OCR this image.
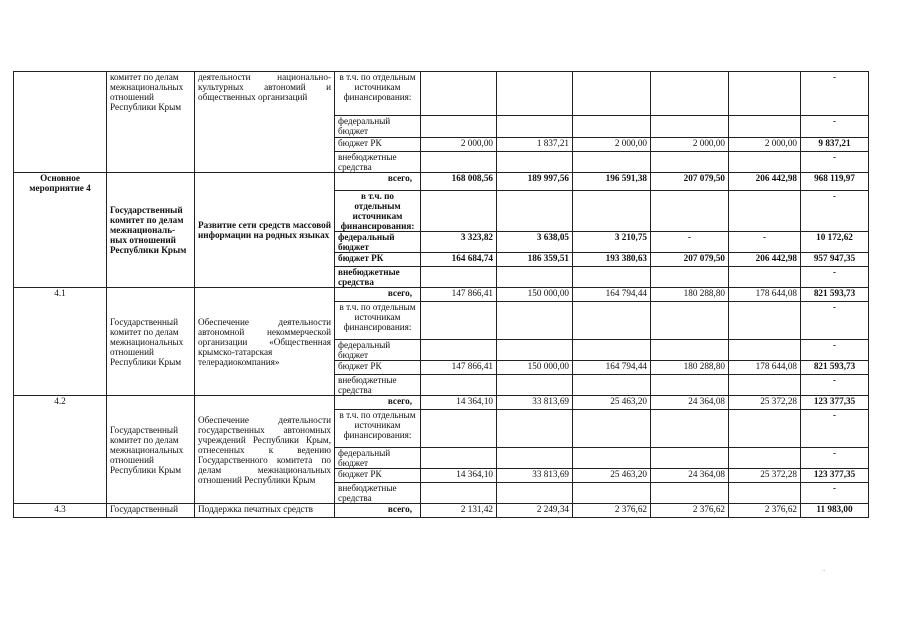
	комитет по делам межнациональных отношений Республики Крым	деятельности национально-культурных автономий и общественных организаций	в т.ч. по отдельным источникам финансирования:						-
			федеральный бюджет						-
			бюджет РК	2 000,00	1 837,21	2 000,00	2 000,00	2 000,00	9 837,21
			внебюджетные средства						-
Основное мероприятие 4	Государственный комитет по делам межнациональ-ных отношений Республики Крым	Развитие сети средств массовой информации на родных языках	всего,	168 008,56	189 997,56	196 591,38	207 079,50	206 442,98	968 119,97
			в т.ч. по отдельным источникам финансирования:						-
			федеральный бюджет	3 323,82	3 638,05	3 210,75	-	-	10 172,62
			бюджет РК	164 684,74	186 359,51	193 380,63	207 079,50	206 442,98	957 947,35
			внебюджетные средства						-
4.1	Государственный комитет по делам межнациональных отношений Республики Крым	Обеспечение деятельности автономной некоммерческой организации «Общественная крымско-татарская телерадиокомпания»	всего,	147 866,41	150 000,00	164 794,44	180 288,80	178 644,08	821 593,73
			в т.ч. по отдельным источникам финансирования:						-
			федеральный бюджет						-
			бюджет РК	147 866,41	150 000,00	164 794,44	180 288,80	178 644,08	821 593,73
			внебюджетные средства						-
4.2	Государственный комитет по делам межнациональных отношений Республики Крым	Обеспечение деятельности государственных автономных учреждений Республики Крым, отнесенных к ведению Государственного комитета по делам межнациональных отношений Республики Крым	всего,	14 364,10	33 813,69	25 463,20	24 364,08	25 372,28	123 377,35
			в т.ч. по отдельным источникам финансирования:						-
			федеральный бюджет						-
			бюджет РК	14 364,10	33 813,69	25 463,20	24 364,08	25 372,28	123 377,35
			внебюджетные средства						-
4.3	Государственный	Поддержка печатных средств	всего,	2 131,42	2 249,34	2 376,62	2 376,62	2 376,62	11 983,00
..
